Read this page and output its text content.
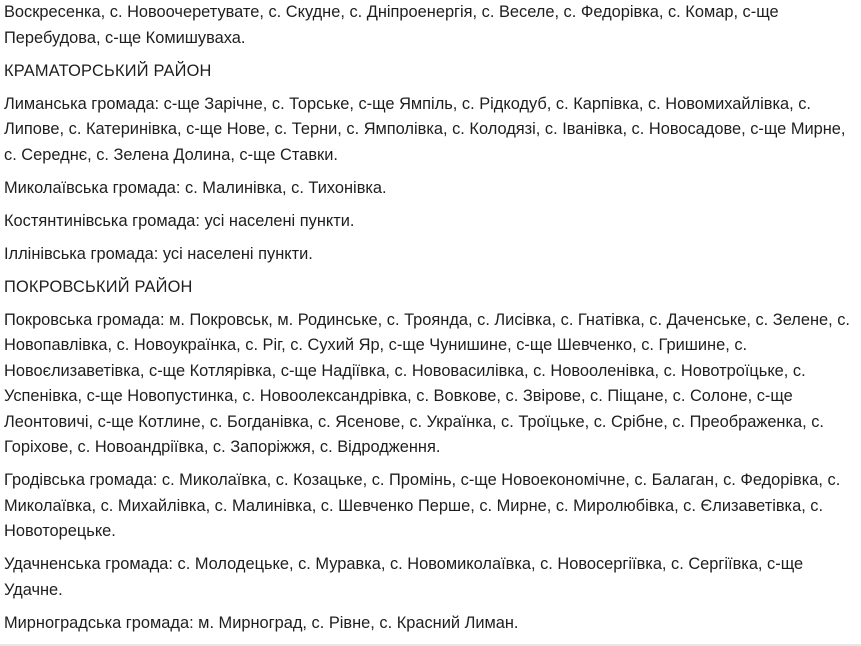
Воскресенка, с. Новоочеретувате, с. Скудне, с. Дніпроенергія, с. Веселе, с. Федорівка, с. Комар, с-ще Перебудова, с-ще Комишуваха.

КРАМАТОРСЬКИЙ РАЙОН

Лиманська громада: с-ще Зарічне, с. Торське, с-ще Ямпіль, с. Рідкодуб, с. Карпівка, с. Новомихайлівка, с. Липове, с. Катеринівка, с-ще Нове, с. Терни, с. Ямполівка, с. Колодязі, с. Іванівка, с. Новосадове, с-ще Мирне, с. Середнє, с. Зелена Долина, с-ще Ставки.

Миколаївська громада: с. Малинівка, с. Тихонівка.

Костянтинівська громада: усі населені пункти.

Іллінівська громада: усі населені пункти.

ПОКРОВСЬКИЙ РАЙОН

Покровська громада: м. Покровськ, м. Родинське, с. Троянда, с. Лисівка, с. Гнатівка, с. Даченське, с. Зелене, с. Новопавлівка, с. Новоукраїнка, с. Ріг, с. Сухий Яр, с-ще Чунишине, с-ще Шевченко, с. Гришине, с. Новоєлизаветівка, с-ще Котлярівка, с-ще Надіївка, с. Нововасилівка, с. Новооленівка, с. Новотроїцьке, с. Успенівка, с-ще Новопустинка, с. Новоолександрівка, с. Вовкове, с. Звірове, с. Піщане, с. Солоне, с-ще Леонтовичі, с-ще Котлине, с. Богданівка, с. Ясенове, с. Українка, с. Троїцьке, с. Срібне, с. Преображенка, с. Горіхове, с. Новоандріївка, с. Запоріжжя, с. Відродження.

Гродівська громада: с. Миколаївка, с. Козацьке, с. Промінь, с-ще Новоекономічне, с. Балаган, с. Федорівка, с. Миколаївка, с. Михайлівка, с. Малинівка, с. Шевченко Перше, с. Мирне, с. Миролюбівка, с. Єлизаветівка, с. Новоторецьке.

Удачненська громада: с. Молодецьке, с. Муравка, с. Новомиколаївка, с. Новосергіївка, с. Сергіївка, с-ще Удачне.

Мирноградська громада: м. Мирноград, с. Рівне, с. Красний Лиман.
